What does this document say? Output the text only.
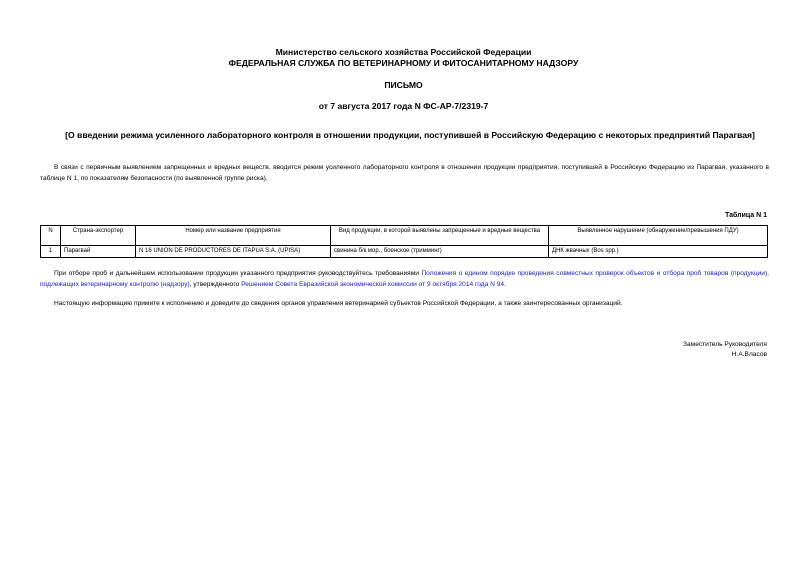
Министерство сельского хозяйства Российской Федерации
ФЕДЕРАЛЬНАЯ СЛУЖБА ПО ВЕТЕРИНАРНОМУ И ФИТОСАНИТАРНОМУ НАДЗОРУ
ПИСЬМО
от 7 августа 2017 года N ФС-АР-7/2319-7
[О введении режима усиленного лабораторного контроля в отношении продукции, поступившей в Российскую Федерацию с некоторых предприятий Парагвая]
В связи с первичным выявлением запрещенных и вредных веществ, вводится режим усиленного лабораторного контроля в отношении продукции предприятия, поступившей в Российскую Федерацию из Парагвая, указанного в таблице N 1, по показателям безопасности (по выявленной группе риска).
Таблица N 1
N	Страна-экспортер	Номер или название предприятия	Вид продукции, в которой выявлены запрещенные и вредные вещества	Выявленное нарушение (обнаружение/превышения ПДУ)
1	Парагвай	N 16 UNION DE PRODUCTORES DE ITAPUA S.A. (UPISA)	свинина б/к мор., боенское (тримминг)	ДНК жвачных (Bos spp.)
При отборе проб и дальнейшем использовании продукции указанного предприятия руководствуйтесь требованиями Положения о едином порядке проведения совместных проверок объектов и отбора проб товаров (продукции), подлежащих ветеринарному контролю (надзору), утвержденного Решением Совета Евразийской экономической комиссии от 9 октября 2014 года N 94.
Настоящую информацию примите к исполнению и доведите до сведения органов управления ветеринарией субъектов Российской Федерации, а также заинтересованных организаций.
Заместитель Руководителя
Н.А.Власов
